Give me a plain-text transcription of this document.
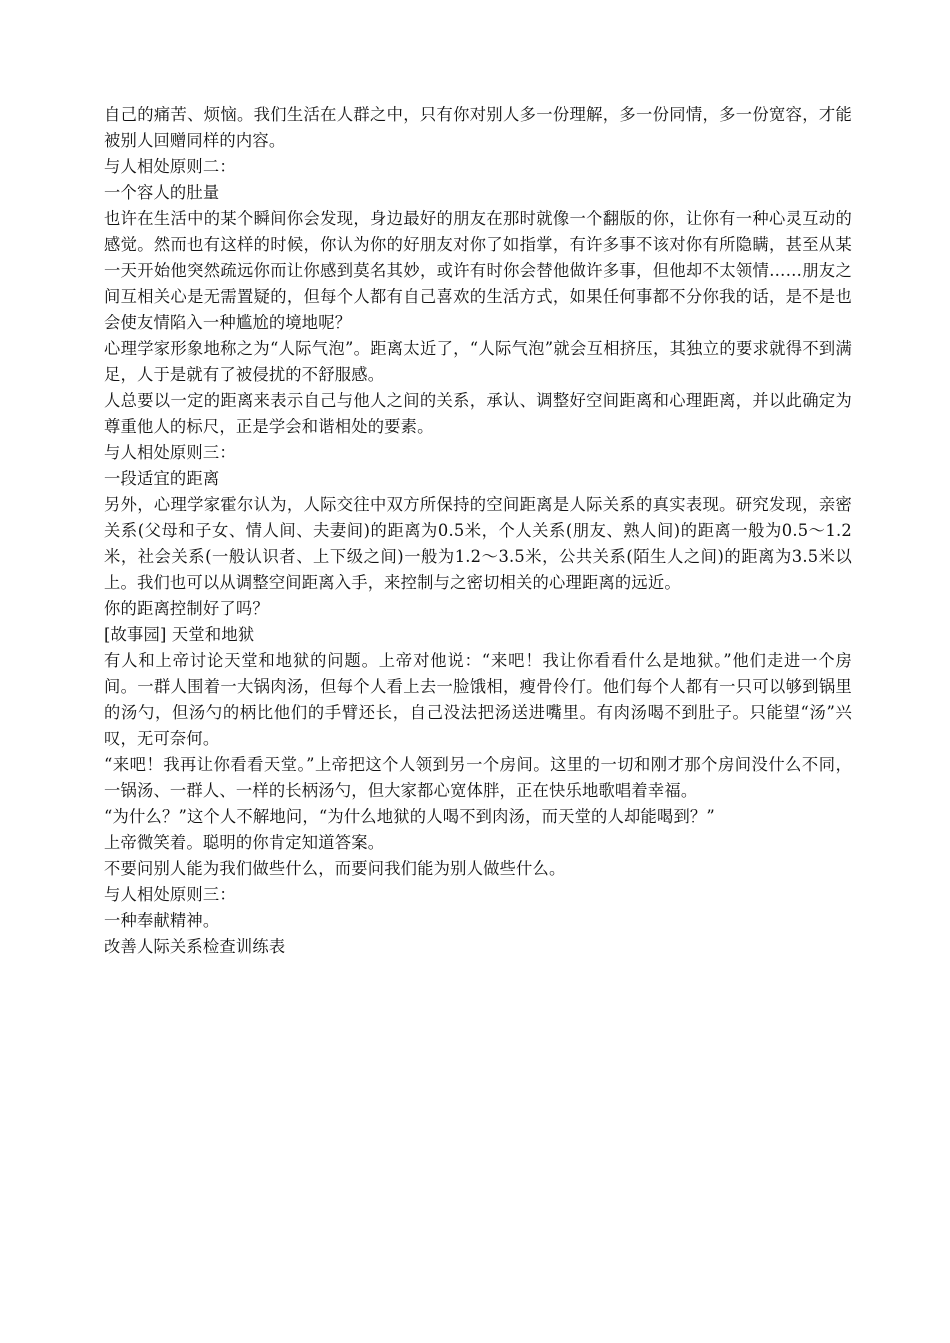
自己的痛苦、烦恼。我们生活在人群之中，只有你对别人多一份理解，多一份同情，多一份宽容，才能被别人回赠同样的内容。

与人相处原则二：

一个容人的肚量

也许在生活中的某个瞬间你会发现，身边最好的朋友在那时就像一个翻版的你，让你有一种心灵互动的感觉。然而也有这样的时候，你认为你的好朋友对你了如指掌，有许多事不该对你有所隐瞒，甚至从某一天开始他突然疏远你而让你感到莫名其妙，或许有时你会替他做许多事，但他却不太领情……朋友之间互相关心是无需置疑的，但每个人都有自己喜欢的生活方式，如果任何事都不分你我的话，是不是也会使友情陷入一种尴尬的境地呢？

心理学家形象地称之为“人际气泡”。距离太近了，“人际气泡”就会互相挤压，其独立的要求就得不到满足，人于是就有了被侵扰的不舒服感。

人总要以一定的距离来表示自己与他人之间的关系，承认、调整好空间距离和心理距离，并以此确定为尊重他人的标尺，正是学会和谐相处的要素。

与人相处原则三：

一段适宜的距离

另外，心理学家霍尔认为，人际交往中双方所保持的空间距离是人际关系的真实表现。研究发现，亲密关系(父母和子女、情人间、夫妻间)的距离为0.5米，个人关系(朋友、熟人间)的距离一般为0.5～1.2米，社会关系(一般认识者、上下级之间)一般为1.2～3.5米，公共关系(陌生人之间)的距离为3.5米以上。我们也可以从调整空间距离入手，来控制与之密切相关的心理距离的远近。

你的距离控制好了吗？

[故事园] 天堂和地狱

有人和上帝讨论天堂和地狱的问题。上帝对他说：“来吧！我让你看看什么是地狱。”他们走进一个房间。一群人围着一大锅肉汤，但每个人看上去一脸饿相，瘦骨伶仃。他们每个人都有一只可以够到锅里的汤勺，但汤勺的柄比他们的手臂还长，自己没法把汤送进嘴里。有肉汤喝不到肚子。只能望“汤”兴叹，无可奈何。

“来吧！我再让你看看天堂。”上帝把这个人领到另一个房间。这里的一切和刚才那个房间没什么不同，一锅汤、一群人、一样的长柄汤勺，但大家都心宽体胖，正在快乐地歌唱着幸福。

“为什么？”这个人不解地问，“为什么地狱的人喝不到肉汤，而天堂的人却能喝到？”

上帝微笑着。聪明的你肯定知道答案。

不要问别人能为我们做些什么，而要问我们能为别人做些什么。

与人相处原则三：

一种奉献精神。

改善人际关系检查训练表
